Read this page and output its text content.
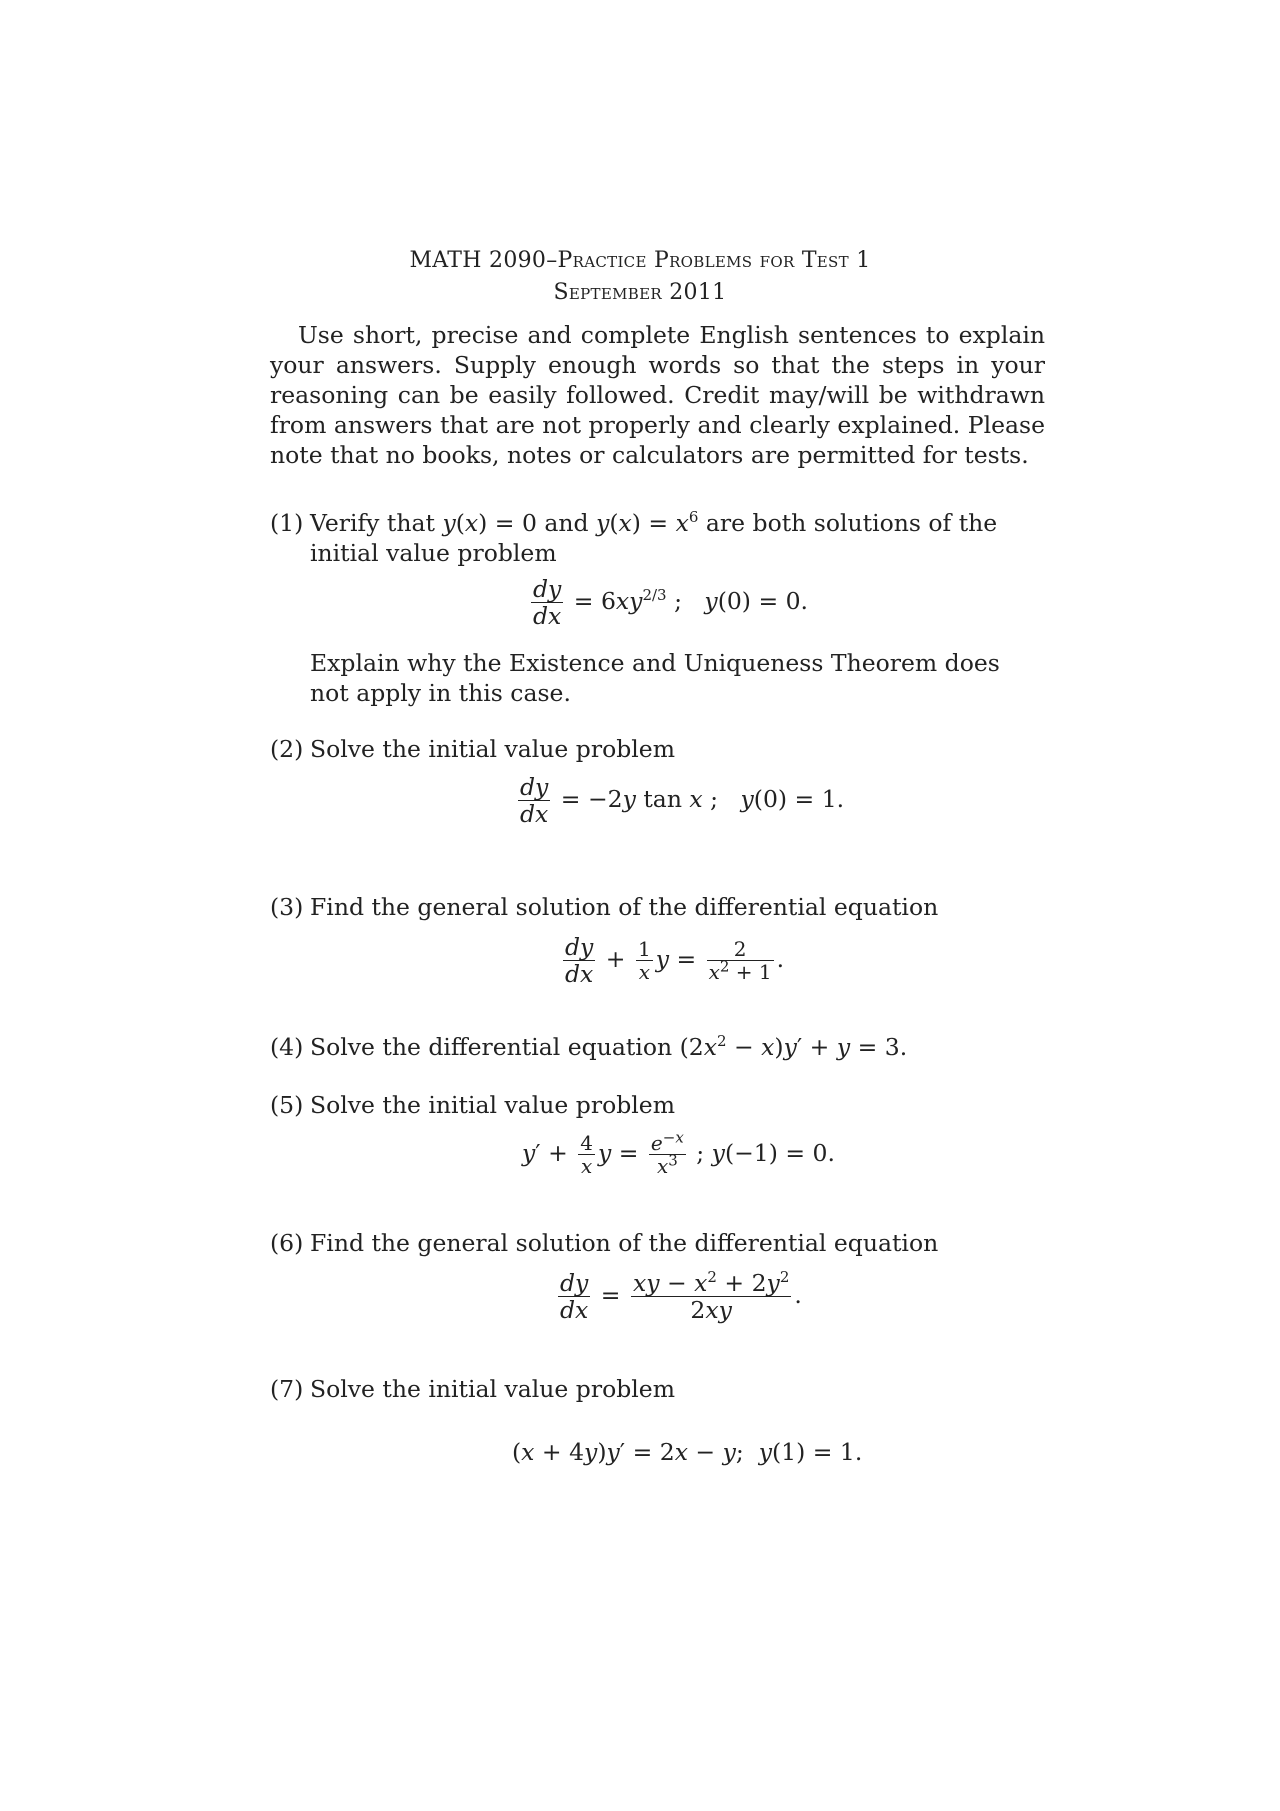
MATH 2090–Practice Problems for Test 1
September 2011
Use short, precise and complete English sentences to explain your answers. Supply enough words so that the steps in your reasoning can be easily followed. Credit may/will be withdrawn from answers that are not properly and clearly explained. Please note that no books, notes or calculators are permitted for tests.
(1) Verify that y(x) = 0 and $y(x) = x^6$ are both solutions of the initial value problem
$\frac{dy}{dx} = 6xy^{2/3}$ ;   y(0) = 0.
Explain why the Existence and Uniqueness Theorem does not apply in this case.
(2) Solve the initial value problem
$\frac{dy}{dx} = -2y$ tan x ;   y(0) = 1.
(3) Find the general solution of the differential equation
$\frac{dy}{dx} + \frac{1}{x}$ $y = \frac{2}{x^2 + 1}$ .
(4) Solve the differential equation $(2x^2 - x)y' + y = 3$.
(5) Solve the initial value problem
$y' + \frac{4}{x}$ $y = \frac{e^{-x}}{x^3}$ ; y(−1) = 0.
(6) Find the general solution of the differential equation
$\frac{dy}{dx} = \frac{xy - x^2 + 2y^2}{2xy}$ .
(7) Solve the initial value problem
(x + 4y)y′ = 2x − y;  y(1) = 1.
